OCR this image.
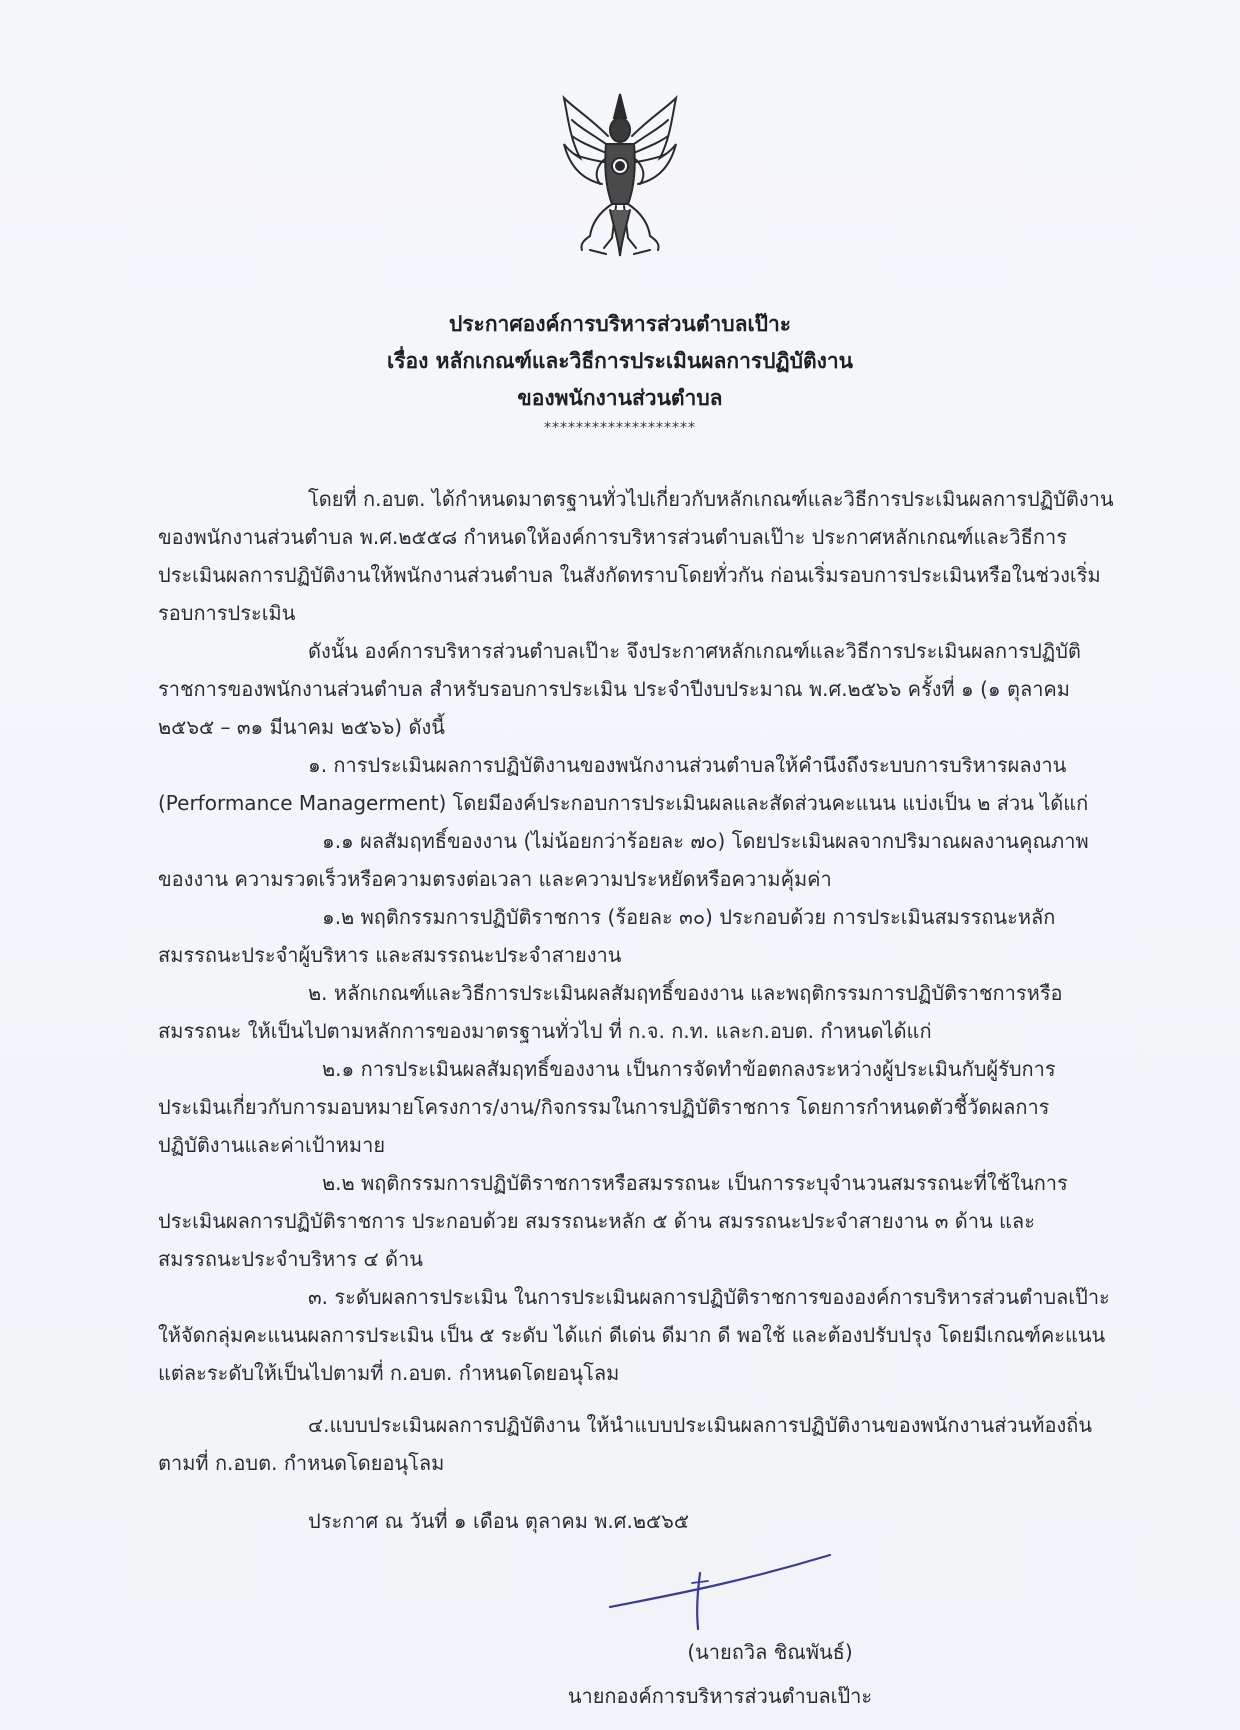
ประกาศองค์การบริหารส่วนตำบลเป๊าะ
เรื่อง หลักเกณฑ์และวิธีการประเมินผลการปฏิบัติงาน
ของพนักงานส่วนตำบล
*******************
โดยที่ ก.อบต. ได้กำหนดมาตรฐานทั่วไปเกี่ยวกับหลักเกณฑ์และวิธีการประเมินผลการปฏิบัติงาน
ของพนักงานส่วนตำบล พ.ศ.๒๕๕๘ กำหนดให้องค์การบริหารส่วนตำบลเป๊าะ ประกาศหลักเกณฑ์และวิธีการ
ประเมินผลการปฏิบัติงานให้พนักงานส่วนตำบล ในสังกัดทราบโดยทั่วกัน ก่อนเริ่มรอบการประเมินหรือในช่วงเริ่ม
รอบการประเมิน
ดังนั้น องค์การบริหารส่วนตำบลเป๊าะ จึงประกาศหลักเกณฑ์และวิธีการประเมินผลการปฏิบัติ
ราชการของพนักงานส่วนตำบล สำหรับรอบการประเมิน ประจำปีงบประมาณ พ.ศ.๒๕๖๖ ครั้งที่ ๑ (๑ ตุลาคม
๒๕๖๕ – ๓๑ มีนาคม ๒๕๖๖) ดังนี้
๑. การประเมินผลการปฏิบัติงานของพนักงานส่วนตำบลให้คำนึงถึงระบบการบริหารผลงาน
(Performance Managerment) โดยมีองค์ประกอบการประเมินผลและสัดส่วนคะแนน แบ่งเป็น ๒ ส่วน ได้แก่
๑.๑ ผลสัมฤทธิ์ของงาน (ไม่น้อยกว่าร้อยละ ๗๐) โดยประเมินผลจากปริมาณผลงานคุณภาพ
ของงาน ความรวดเร็วหรือความตรงต่อเวลา และความประหยัดหรือความคุ้มค่า
๑.๒ พฤติกรรมการปฏิบัติราชการ (ร้อยละ ๓๐) ประกอบด้วย การประเมินสมรรถนะหลัก
สมรรถนะประจำผู้บริหาร และสมรรถนะประจำสายงาน
๒. หลักเกณฑ์และวิธีการประเมินผลสัมฤทธิ์ของงาน และพฤติกรรมการปฏิบัติราชการหรือ
สมรรถนะ ให้เป็นไปตามหลักการของมาตรฐานทั่วไป ที่ ก.จ. ก.ท. และก.อบต. กำหนดได้แก่
๒.๑ การประเมินผลสัมฤทธิ์ของงาน เป็นการจัดทำข้อตกลงระหว่างผู้ประเมินกับผู้รับการ
ประเมินเกี่ยวกับการมอบหมายโครงการ/งาน/กิจกรรมในการปฏิบัติราชการ โดยการกำหนดตัวชี้วัดผลการ
ปฏิบัติงานและค่าเป้าหมาย
๒.๒ พฤติกรรมการปฏิบัติราชการหรือสมรรถนะ เป็นการระบุจำนวนสมรรถนะที่ใช้ในการ
ประเมินผลการปฏิบัติราชการ ประกอบด้วย สมรรถนะหลัก ๕ ด้าน สมรรถนะประจำสายงาน ๓ ด้าน และ
สมรรถนะประจำบริหาร ๔ ด้าน
๓. ระดับผลการประเมิน ในการประเมินผลการปฏิบัติราชการขององค์การบริหารส่วนตำบลเป๊าะ
ให้จัดกลุ่มคะแนนผลการประเมิน เป็น ๕ ระดับ ได้แก่ ดีเด่น ดีมาก ดี พอใช้ และต้องปรับปรุง โดยมีเกณฑ์คะแนน
แต่ละระดับให้เป็นไปตามที่ ก.อบต. กำหนดโดยอนุโลม
๔.แบบประเมินผลการปฏิบัติงาน ให้นำแบบประเมินผลการปฏิบัติงานของพนักงานส่วนท้องถิ่น
ตามที่ ก.อบต. กำหนดโดยอนุโลม
ประกาศ ณ วันที่ ๑ เดือน ตุลาคม พ.ศ.๒๕๖๕
(นายถวิล ชิณพันธ์)
นายกองค์การบริหารส่วนตำบลเป๊าะ
